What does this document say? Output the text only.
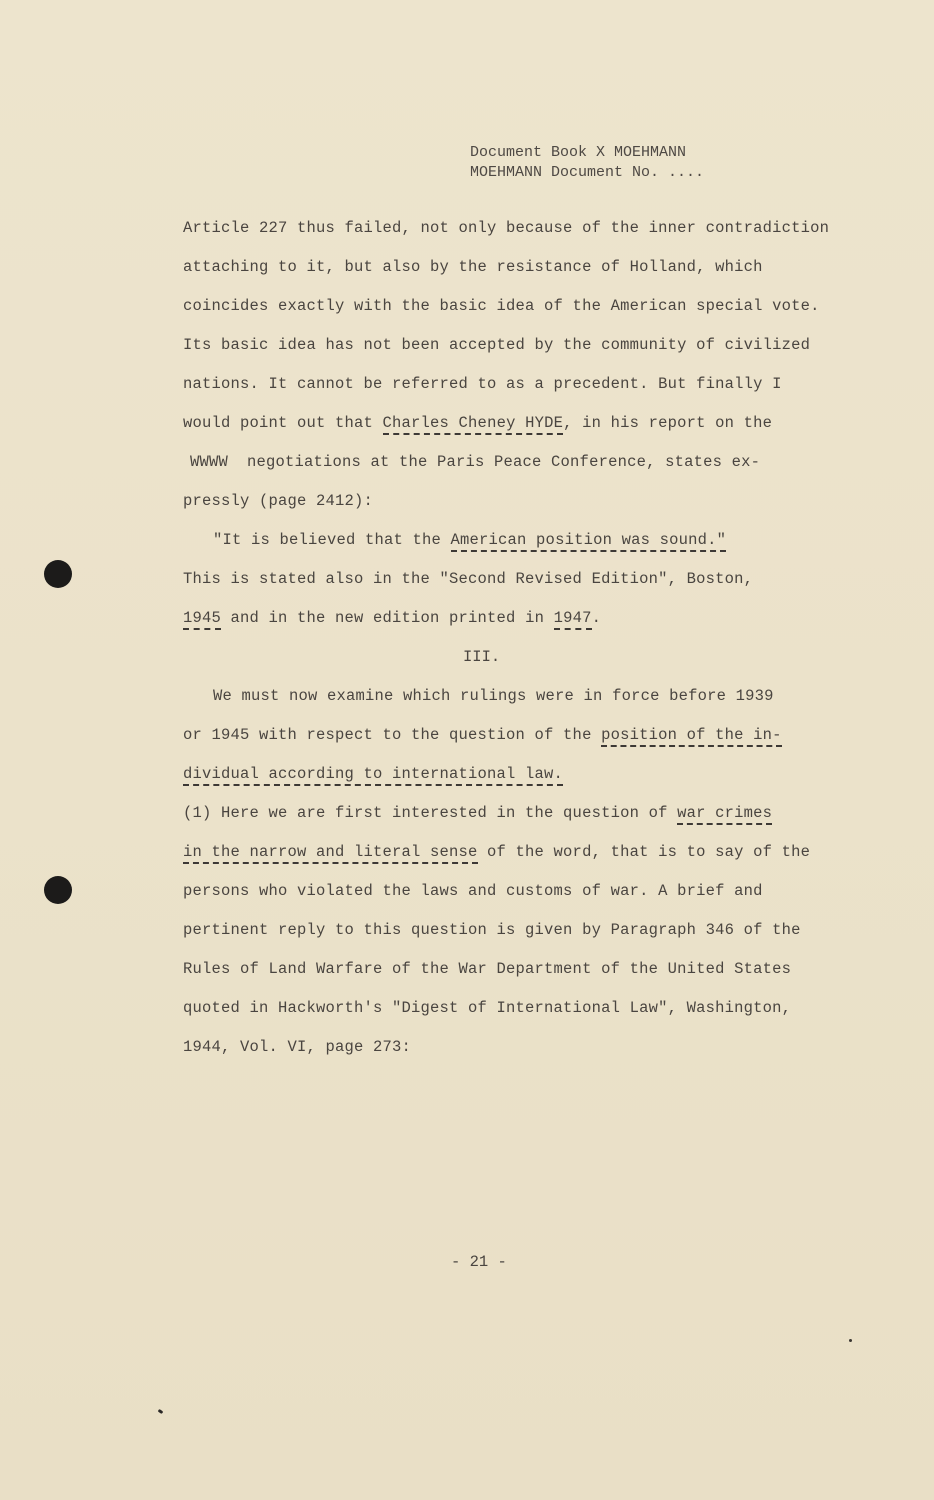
Document Book X MOEHMANN
MOEHMANN Document No. ....
Article 227 thus failed, not only because of the inner contradiction
attaching to it, but also by the resistance of Holland, which
coincides exactly with the basic idea of the American special vote.
Its basic idea has not been accepted by the community of civilized
nations. It cannot be referred to as a precedent. But finally I
would point out that Charles Cheney HYDE, in his report on the
WWWW  negotiations at the Paris Peace Conference, states ex-
pressly (page 2412):
"It is believed that the American position was sound."
This is stated also in the "Second Revised Edition", Boston,
1945 and in the new edition printed in 1947.
III.
We must now examine which rulings were in force before 1939
or 1945 with respect to the question of the position of the in-
dividual according to international law.
(1) Here we are first interested in the question of war crimes
in the narrow and literal sense of the word, that is to say of the
persons who violated the laws and customs of war. A brief and
pertinent reply to this question is given by Paragraph 346 of the
Rules of Land Warfare of the War Department of the United States
quoted in Hackworth's "Digest of International Law", Washington,
1944, Vol. VI, page 273:
- 21 -
